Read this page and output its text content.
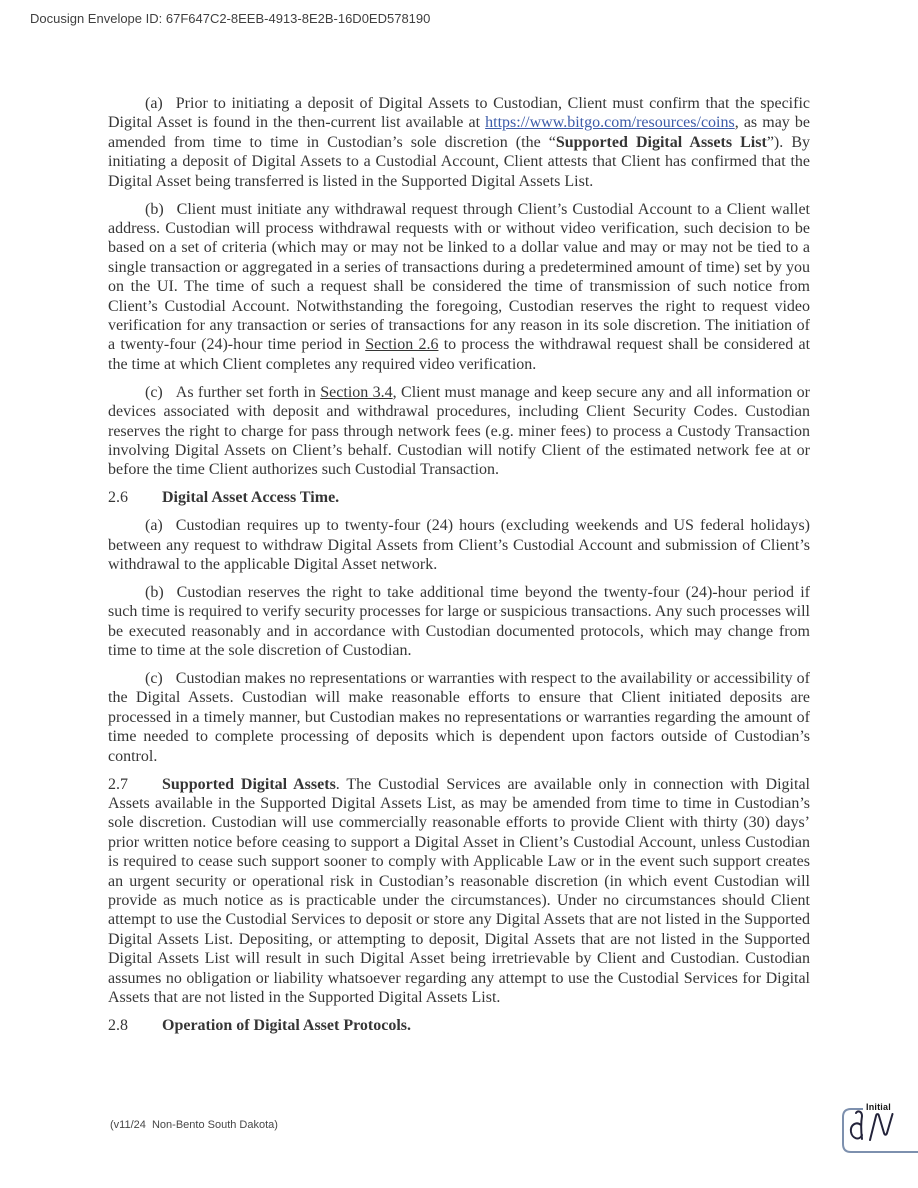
Docusign Envelope ID: 67F647C2-8EEB-4913-8E2B-16D0ED578190

(a) Prior to initiating a deposit of Digital Assets to Custodian, Client must confirm that the specific Digital Asset is found in the then-current list available at https://www.bitgo.com/resources/coins, as may be amended from time to time in Custodian’s sole discretion (the “Supported Digital Assets List”). By initiating a deposit of Digital Assets to a Custodial Account, Client attests that Client has confirmed that the Digital Asset being transferred is listed in the Supported Digital Assets List.

(b) Client must initiate any withdrawal request through Client’s Custodial Account to a Client wallet address. Custodian will process withdrawal requests with or without video verification, such decision to be based on a set of criteria (which may or may not be linked to a dollar value and may or may not be tied to a single transaction or aggregated in a series of transactions during a predetermined amount of time) set by you on the UI. The time of such a request shall be considered the time of transmission of such notice from Client’s Custodial Account. Notwithstanding the foregoing, Custodian reserves the right to request video verification for any transaction or series of transactions for any reason in its sole discretion. The initiation of a twenty-four (24)-hour time period in Section 2.6 to process the withdrawal request shall be considered at the time at which Client completes any required video verification.

(c) As further set forth in Section 3.4, Client must manage and keep secure any and all information or devices associated with deposit and withdrawal procedures, including Client Security Codes. Custodian reserves the right to charge for pass through network fees (e.g. miner fees) to process a Custody Transaction involving Digital Assets on Client’s behalf. Custodian will notify Client of the estimated network fee at or before the time Client authorizes such Custodial Transaction.

2.6 Digital Asset Access Time.

(a) Custodian requires up to twenty-four (24) hours (excluding weekends and US federal holidays) between any request to withdraw Digital Assets from Client’s Custodial Account and submission of Client’s withdrawal to the applicable Digital Asset network.

(b) Custodian reserves the right to take additional time beyond the twenty-four (24)-hour period if such time is required to verify security processes for large or suspicious transactions. Any such processes will be executed reasonably and in accordance with Custodian documented protocols, which may change from time to time at the sole discretion of Custodian.

(c) Custodian makes no representations or warranties with respect to the availability or accessibility of the Digital Assets. Custodian will make reasonable efforts to ensure that Client initiated deposits are processed in a timely manner, but Custodian makes no representations or warranties regarding the amount of time needed to complete processing of deposits which is dependent upon factors outside of Custodian’s control.

2.7 Supported Digital Assets. The Custodial Services are available only in connection with Digital Assets available in the Supported Digital Assets List, as may be amended from time to time in Custodian’s sole discretion. Custodian will use commercially reasonable efforts to provide Client with thirty (30) days’ prior written notice before ceasing to support a Digital Asset in Client’s Custodial Account, unless Custodian is required to cease such support sooner to comply with Applicable Law or in the event such support creates an urgent security or operational risk in Custodian’s reasonable discretion (in which event Custodian will provide as much notice as is practicable under the circumstances). Under no circumstances should Client attempt to use the Custodial Services to deposit or store any Digital Assets that are not listed in the Supported Digital Assets List. Depositing, or attempting to deposit, Digital Assets that are not listed in the Supported Digital Assets List will result in such Digital Asset being irretrievable by Client and Custodian. Custodian assumes no obligation or liability whatsoever regarding any attempt to use the Custodial Services for Digital Assets that are not listed in the Supported Digital Assets List.

2.8 Operation of Digital Asset Protocols.

(v11/24  Non-Bento South Dakota)
Initial
